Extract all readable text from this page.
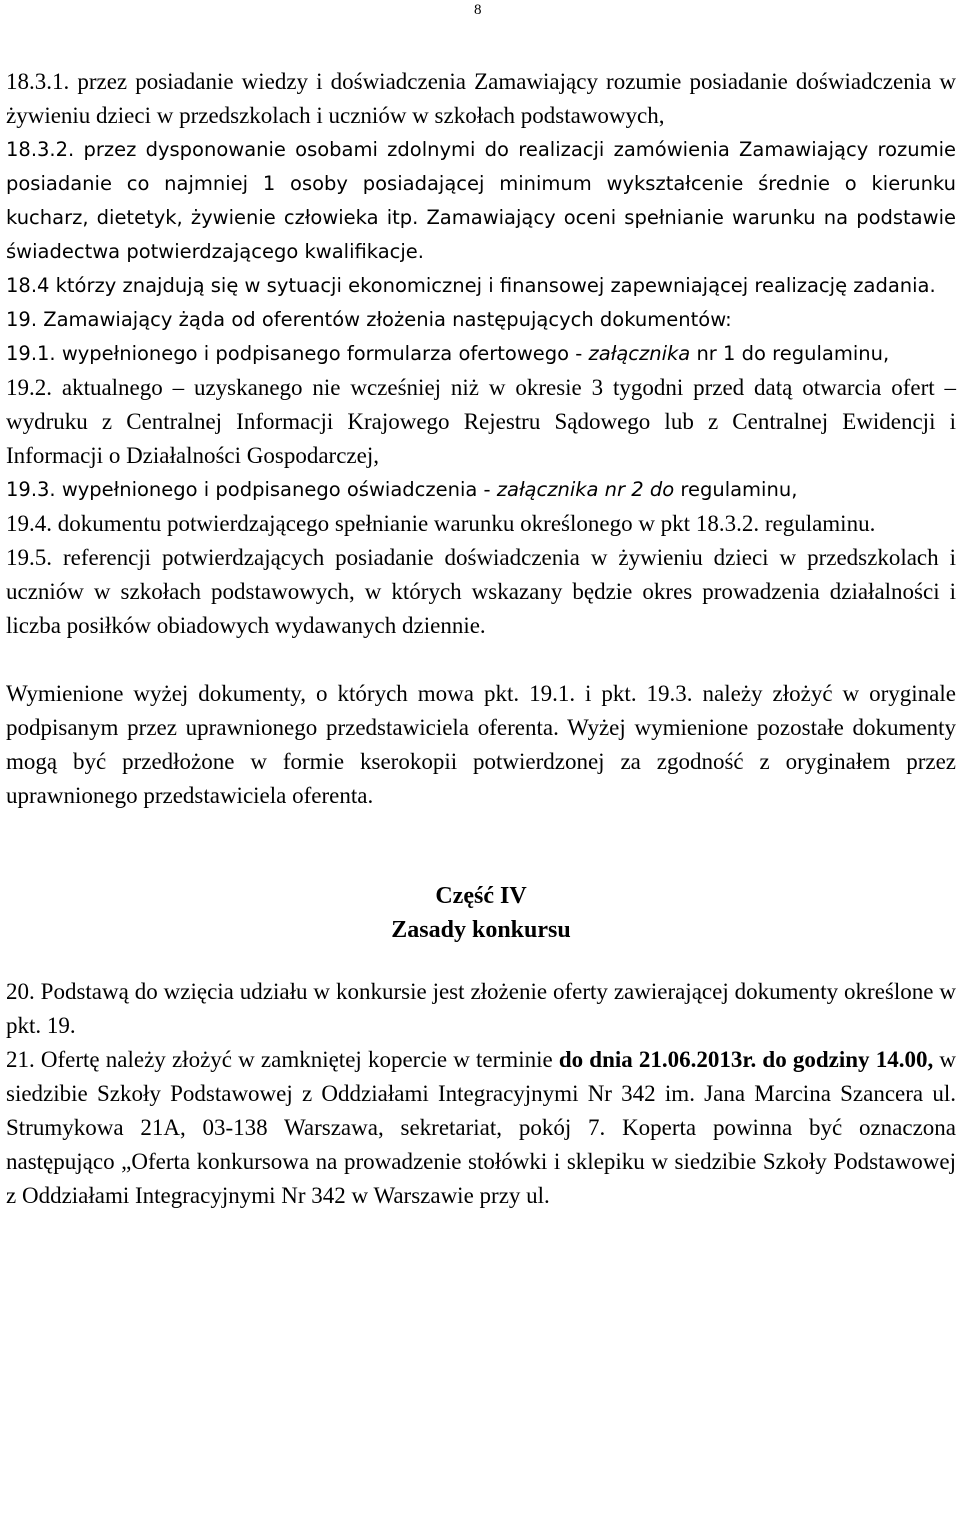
8

18.3.1. przez posiadanie wiedzy i doświadczenia Zamawiający rozumie posiadanie doświadczenia w żywieniu dzieci w przedszkolach i uczniów w szkołach podstawowych,

18.3.2. przez dysponowanie osobami zdolnymi do realizacji zamówienia Zamawiający rozumie posiadanie co najmniej 1 osoby posiadającej minimum wykształcenie średnie o kierunku kucharz, dietetyk, żywienie człowieka itp. Zamawiający oceni spełnianie warunku na podstawie świadectwa potwierdzającego kwalifikacje.

18.4 którzy znajdują się w sytuacji ekonomicznej i finansowej zapewniającej realizację zadania.

19. Zamawiający żąda od oferentów złożenia następujących dokumentów:

19.1. wypełnionego i podpisanego formularza ofertowego - załącznika nr 1 do regulaminu,

19.2. aktualnego – uzyskanego nie wcześniej niż w okresie 3 tygodni przed datą otwarcia ofert – wydruku z Centralnej Informacji Krajowego Rejestru Sądowego lub z Centralnej Ewidencji i Informacji o Działalności Gospodarczej,

19.3. wypełnionego i podpisanego oświadczenia - załącznika nr 2 do regulaminu,

19.4. dokumentu potwierdzającego spełnianie warunku określonego w pkt 18.3.2. regulaminu.

19.5. referencji potwierdzających posiadanie doświadczenia w żywieniu dzieci w przedszkolach i uczniów w szkołach podstawowych, w których wskazany będzie okres prowadzenia działalności i liczba posiłków obiadowych wydawanych dziennie.

Wymienione wyżej dokumenty, o których mowa pkt. 19.1. i pkt. 19.3. należy złożyć w oryginale podpisanym przez uprawnionego przedstawiciela oferenta. Wyżej wymienione pozostałe dokumenty mogą być przedłożone w formie kserokopii potwierdzonej za zgodność z oryginałem przez uprawnionego przedstawiciela oferenta.

Część IV

Zasady konkursu

20. Podstawą do wzięcia udziału w konkursie jest złożenie oferty zawierającej dokumenty określone w pkt. 19.

21. Ofertę należy złożyć w zamkniętej kopercie w terminie do dnia 21.06.2013r. do godziny 14.00, w siedzibie Szkoły Podstawowej z Oddziałami Integracyjnymi Nr 342 im. Jana Marcina Szancera ul. Strumykowa 21A, 03-138 Warszawa, sekretariat, pokój 7. Koperta powinna być oznaczona następująco „Oferta konkursowa na prowadzenie stołówki i sklepiku w siedzibie Szkoły Podstawowej z Oddziałami Integracyjnymi Nr 342 w Warszawie przy ul.
